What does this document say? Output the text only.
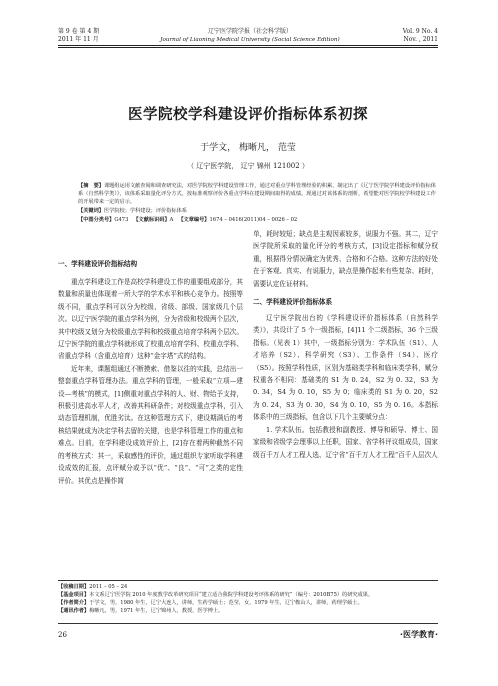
第 9 卷 第 4 期
2011 年 11 月
辽宁医学院学报（社会科学版）
Journal of Liaoning Medical University (Social Science Edition)
Vol. 9 No. 4
Nov. , 2011
医学院校学科建设评价指标体系初探
于学文， 梅晰凡， 范莹
（ 辽宁医学院， 辽宁 锦州 121002 ）
【摘　要】课题组运用文献查阅和调查研究法，对医学院校学科建设管理工作，通过对重点学科管理经验的积累，制定出了《辽宁医学院学科建设评价指标体系（自然科学类）》，该体系采取量化评分方式，按标准观察评价各重点学科在建设期间取得的成绩。现通过对该体系的剖析，希望能对医学院校学科建设工作的开展带来一定的启示。
【关键词】医学院校；学科建设；评价指标体系
【中图分类号】G473 【文献标识码】A 【文章编号】1674 – 0416(2011)04 – 0026 – 02
一、学科建设评价指标结构

重点学科建设工作是高校学科建设工作的重要组成部分，其数量和质量也体现着一所大学的学术水平和核心竞争力。按照等级不同，重点学科可以分为校级、省级、部级、国家级几个层次。以辽宁医学院的重点学科为例，分为省级和校级两个层次，其中校级又划分为校级重点学科和校级重点培育学科两个层次。辽宁医学院的重点学科就形成了校重点培育学科、校重点学科、省重点学科（含重点培育）这种“金字塔”式的结构。

近年来，课题组通过不断摸索、借鉴以往的实践，总结出一整套重点学科管理办法。重点学科的管理，一般采取“立项—建设—考核”的模式，[1]侧重对重点学科的人、财、物给予支持，积极引进高水平人才，改善其科研条件；对校级重点学科，引入动态管理机制，优胜劣汰。在这种管理方式下，建设期满后的考核结果就成为决定学科去留的关键，也是学科管理工作的重点和难点。目前，在学科建设成效评价上，[2]存在着两种截然不同的考核方式：其一，采取感性的评价，通过组织专家听取学科建设成效的汇报，点评赋分或予以“优”、“良”、“可”之类的定性评价。其优点是操作简

单，耗时较短；缺点是主观因素较多，说服力不强。其二，辽宁医学院所采取的量化评分的考核方式，[3]设定指标和赋分权重，根据得分情况确定为优秀、合格和不合格。这种方法的好处在于客观、真实、有说服力，缺点是操作起来有些复杂、耗时，需要认定佐证材料。

二、学科建设评价指标体系

辽宁医学院出台的《学科建设评价指标体系（自然科学类）》，共设计了 5 个一级指标，[4]11 个二级指标，36 个三级指标。（见表 1）其中，一级指标分别为：学术队伍（S1）、人才培养（S2）、科学研究（S3）、工作条件（S4）、医疗（S5）。按照学科性质，区别为基础类学科和临床类学科，赋分权重各不相同：基础类的 S1 为 0. 24，S2 为 0. 32，S3 为 0. 34，S4 为 0. 10，S5 为 0；临床类的 S1 为 0. 20，S2 为 0. 24，S3 为 0. 30，S4 为 0. 10，S5 为 0. 16。本指标体系中的三级指标，包含以下几个主要赋分点：

1. 学术队伍。包括教授和副教授、博导和硕导、博士、国家级和省级学会理事以上任职，国家、省学科评议组成员，国家级百千万人才工程人选、辽宁省“百千万人才工程”百千人层次人

【收稿日期】2011 – 05 – 24
【基金项目】本文系辽宁医学院 2010 年度教学改革研究项目“建立适合我院学科建设考评体系的研究”（编号：2010B75）的研究成果。
【作者简介】于学文，男，1980 年生，辽宁大连人，讲师，生药学硕士；范莹，女，1979 年生，辽宁鞍山人，讲师，药理学硕士。
【通讯作者】梅晰凡，男，1971 年生，辽宁锦州人，教授，医学博士。
26	·医学教育·
